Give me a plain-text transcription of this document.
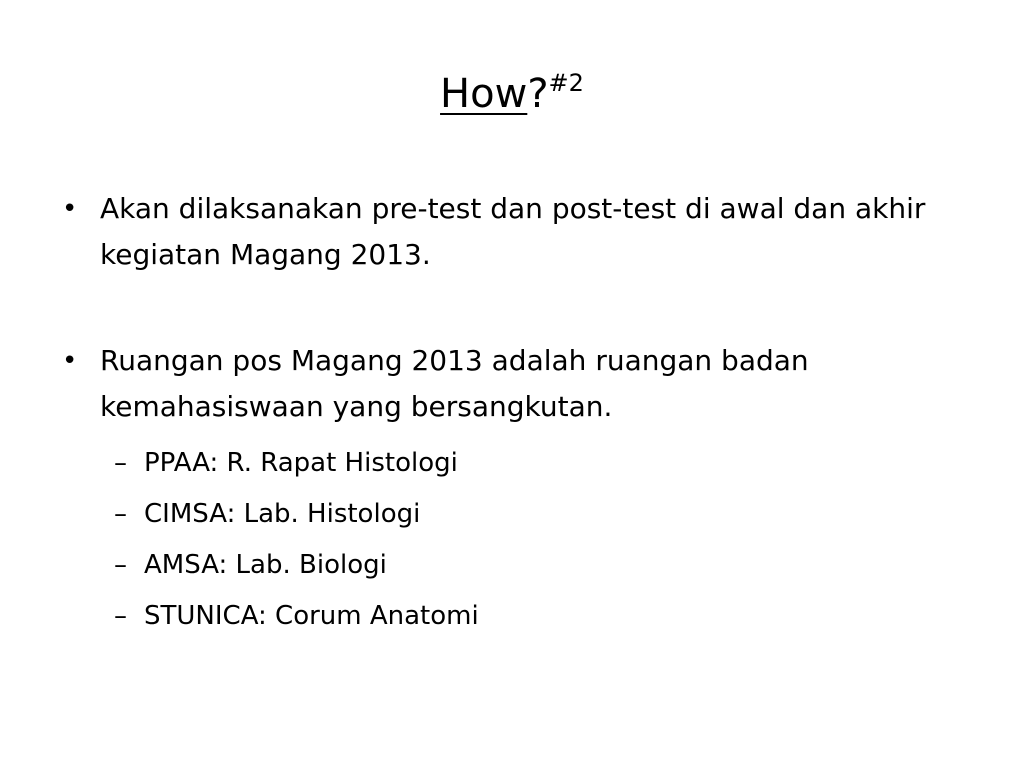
How?$^{\#2}$

• Akan dilaksanakan pre-test dan post-test di awal dan akhir kegiatan Magang 2013.

• Ruangan pos Magang 2013 adalah ruangan badan kemahasiswaan yang bersangkutan.

– PPAA: R. Rapat Histologi

– CIMSA: Lab. Histologi

– AMSA: Lab. Biologi

– STUNICA: Corum Anatomi
